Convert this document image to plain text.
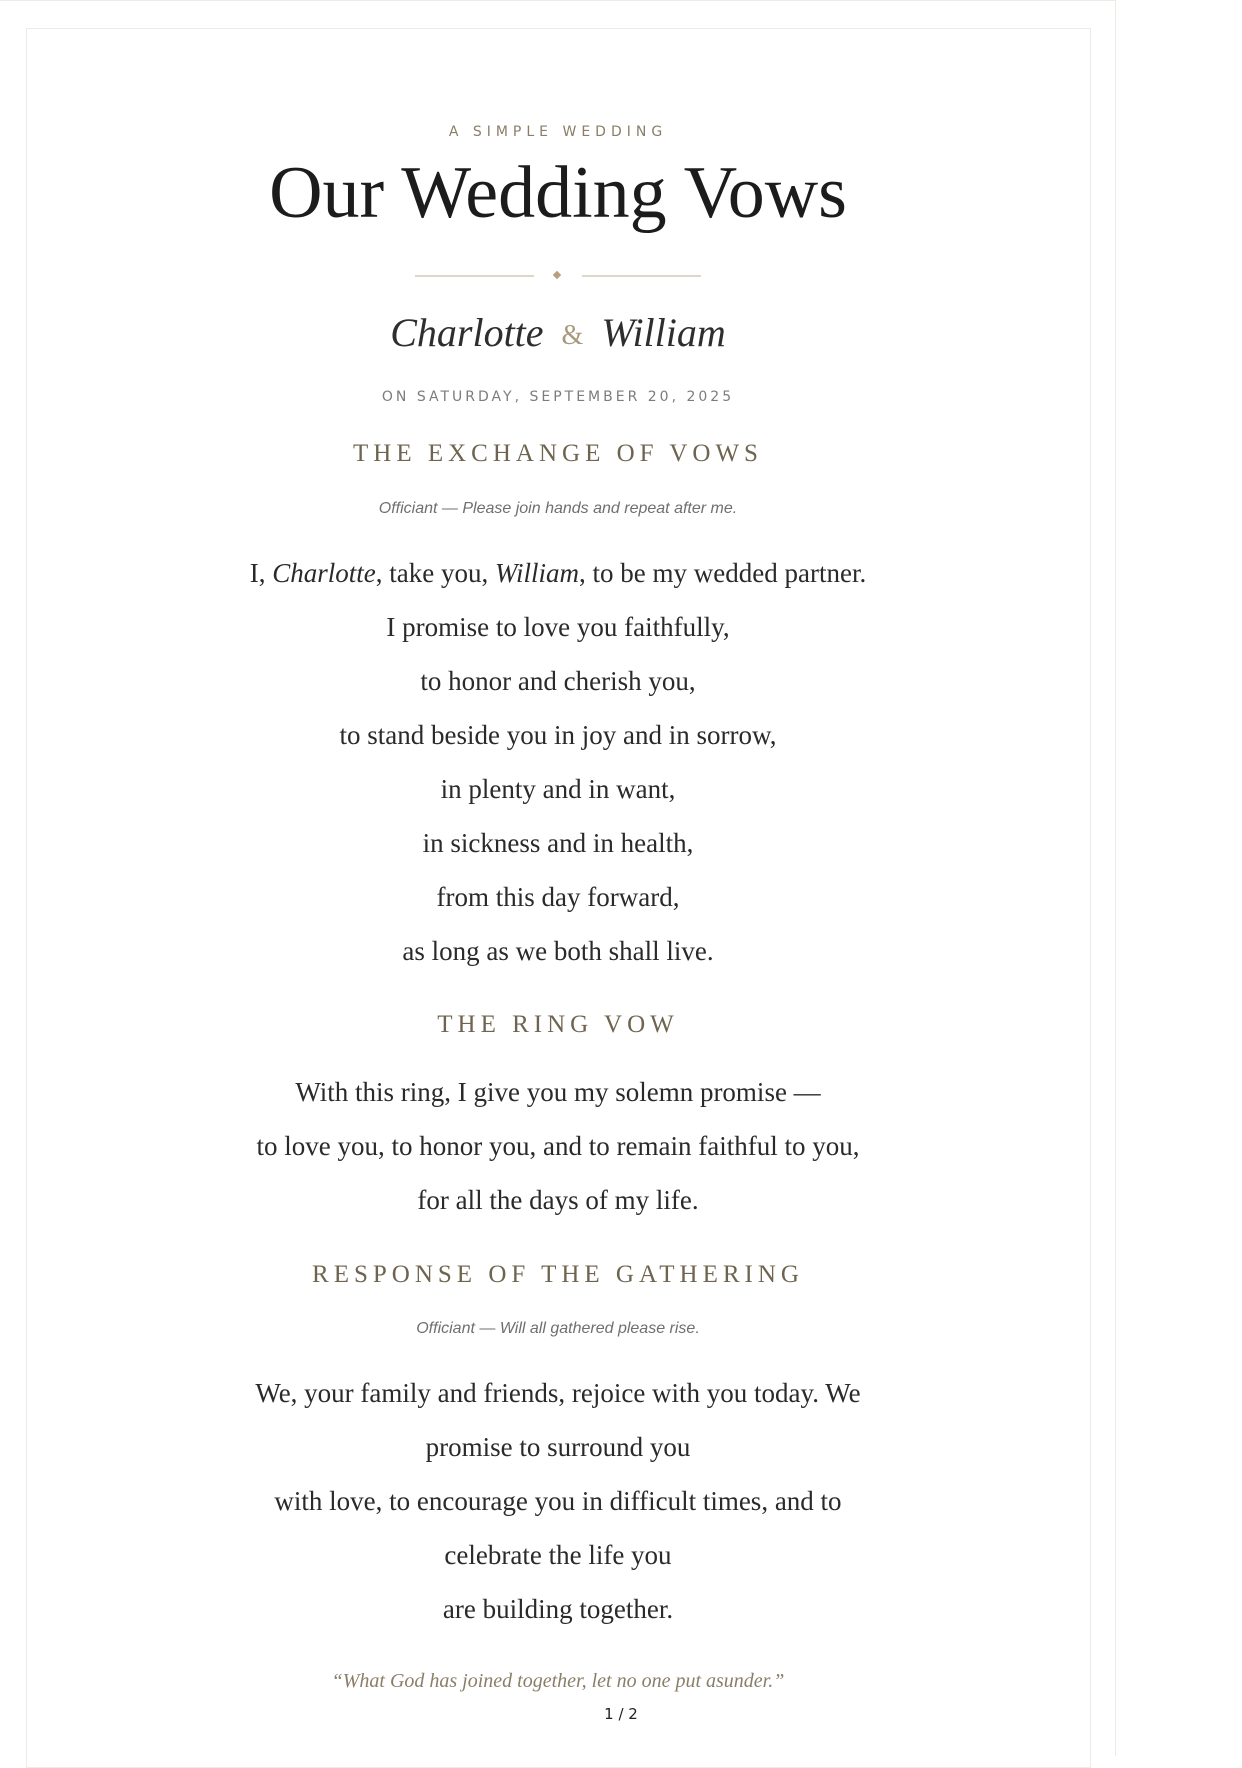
A SIMPLE WEDDING
Our Wedding Vows
Charlotte & William
ON SATURDAY, SEPTEMBER 20, 2025
THE EXCHANGE OF VOWS
Officiant — Please join hands and repeat after me.
I, Charlotte, take you, William, to be my wedded partner.
I promise to love you faithfully,
to honor and cherish you,
to stand beside you in joy and in sorrow,
in plenty and in want,
in sickness and in health,
from this day forward,
as long as we both shall live.
THE RING VOW
With this ring, I give you my solemn promise —
to love you, to honor you, and to remain faithful to you,
for all the days of my life.
RESPONSE OF THE GATHERING
Officiant — Will all gathered please rise.
We, your family and friends, rejoice with you today. We
promise to surround you
with love, to encourage you in difficult times, and to
celebrate the life you
are building together.
“What God has joined together, let no one put asunder.”
1 / 2
